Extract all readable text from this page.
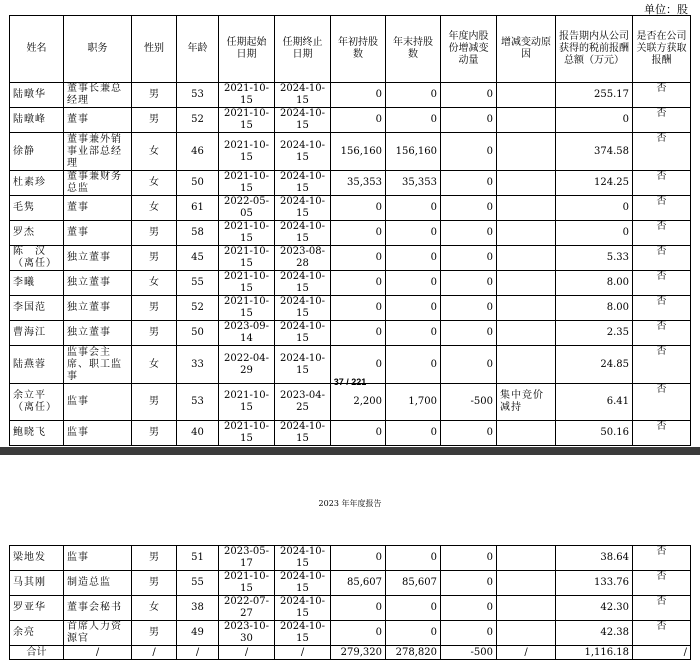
单位：股
姓名	职务	性别	年龄	任期起始日期	任期终止日期	年初持股数	年末持股数	年度内股份增减变动量	增减变动原因	报告期内从公司获得的税前报酬总额（万元）	是否在公司关联方获取报酬
陆暾华	董事长兼总经理	男	53	2021-10-15	2024-10-15	0	0	0		255.17	否
陆暾峰	董事	男	52	2021-10-15	2024-10-15	0	0	0		0	否
徐静	董事兼外销事业部总经理	女	46	2021-10-15	2024-10-15	156,160	156,160	0		374.58	否
杜素珍	董事兼财务总监	女	50	2021-10-15	2024-10-15	35,353	35,353	0		124.25	否
毛隽	董事	女	61	2022-05-05	2024-10-15	0	0	0		0	否
罗杰	董事	男	58	2021-10-15	2024-10-15	0	0	0		0	否
陈　汉（离任）	独立董事	男	45	2021-10-15	2023-08-28	0	0	0		5.33	否
李曦	独立董事	女	55	2021-10-15	2024-10-15	0	0	0		8.00	否
李国范	独立董事	男	52	2021-10-15	2024-10-15	0	0	0		8.00	否
曹海江	独立董事	男	50	2023-09-14	2024-10-15	0	0	0		2.35	否
陆燕蓉	监事会主席、职工监事	女	33	2022-04-29	2024-10-15	0	0	0		24.85	否
余立平（离任）	监事	男	53	2021-10-15	2023-04-25	2,200	1,700	-500	集中竞价减持	6.41	否
鲍晓飞	监事	男	40	2021-10-15	2024-10-15	0	0	0		50.16	否
37 / 221
2023 年年度报告
梁地发	监事	男	51	2023-05-17	2024-10-15	0	0	0		38.64	否
马其刚	制造总监	男	55	2021-10-15	2024-10-15	85,607	85,607	0		133.76	否
罗亚华	董事会秘书	女	38	2022-07-27	2024-10-15	0	0	0		42.30	否
余亮	首席人力资源官	男	49	2023-10-30	2024-10-15	0	0	0		42.38	否
合计	/	/	/	/	/	279,320	278,820	-500	/	1,116.18	/
